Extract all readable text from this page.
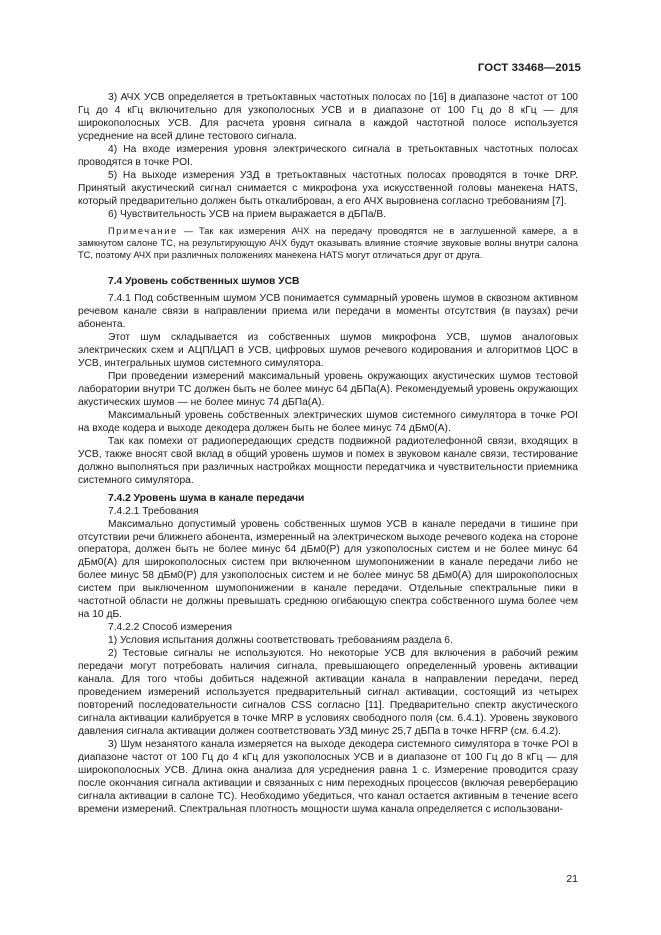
ГОСТ 33468—2015

3) АЧХ УСВ определяется в третьоктавных частотных полосах по [16] в диапазоне частот от 100 Гц до 4 кГц включительно для узкополосных УСВ и в диапазоне от 100 Гц до 8 кГц — для широкополосных УСВ. Для расчета уровня сигнала в каждой частотной полосе используется усреднение на всей длине тестового сигнала.

4) На входе измерения уровня электрического сигнала в третьоктавных частотных полосах проводятся в точке POI.

5) На выходе измерения УЗД в третьоктавных частотных полосах проводятся в точке DRP. Принятый акустический сигнал снимается с микрофона уха искусственной головы манекена HATS, который предварительно должен быть откалиброван, а его АЧХ выровнена согласно требованиям [7].

6) Чувствительность УСВ на прием выражается в дБПа/В.

Примечание — Так как измерения АЧХ на передачу проводятся не в заглушенной камере, а в замкнутом салоне ТС, на результирующую АЧХ будут оказывать влияние стоячие звуковые волны внутри салона ТС, поэтому АЧХ при различных положениях манекена HATS могут отличаться друг от друга.

7.4 Уровень собственных шумов УСВ

7.4.1 Под собственным шумом УСВ понимается суммарный уровень шумов в сквозном активном речевом канале связи в направлении приема или передачи в моменты отсутствия (в паузах) речи абонента.

Этот шум складывается из собственных шумов микрофона УСВ, шумов аналоговых электрических схем и АЦП/ЦАП в УСВ, цифровых шумов речевого кодирования и алгоритмов ЦОС в УСВ, интегральных шумов системного симулятора.

При проведении измерений максимальный уровень окружающих акустических шумов тестовой лаборатории внутри ТС должен быть не более минус 64 дБПа(А). Рекомендуемый уровень окружающих акустических шумов — не более минус 74 дБПа(А).

Максимальный уровень собственных электрических шумов системного симулятора в точке POI на входе кодера и выходе декодера должен быть не более минус 74 дБм0(А).

Так как помехи от радиопередающих средств подвижной радиотелефонной связи, входящих в УСВ, также вносят свой вклад в общий уровень шумов и помех в звуковом канале связи, тестирование должно выполняться при различных настройках мощности передатчика и чувствительности приемника системного симулятора.

7.4.2 Уровень шума в канале передачи

7.4.2.1 Требования

Максимально допустимый уровень собственных шумов УСВ в канале передачи в тишине при отсутствии речи ближнего абонента, измеренный на электрическом выходе речевого кодека на стороне оператора, должен быть не более минус 64 дБм0(Р) для узкополосных систем и не более минус 64 дБм0(А) для широкополосных систем при включенном шумопонижении в канале передачи либо не более минус 58 дБм0(Р) для узкополосных систем и не более минус 58 дБм0(А) для широкополосных систем при выключенном шумопонижении в канале передачи. Отдельные спектральные пики в частотной области не должны превышать среднюю огибающую спектра собственного шума более чем на 10 дБ.

7.4.2.2 Способ измерения

1) Условия испытания должны соответствовать требованиям раздела 6.

2) Тестовые сигналы не используются. Но некоторые УСВ для включения в рабочий режим передачи могут потребовать наличия сигнала, превышающего определенный уровень активации канала. Для того чтобы добиться надежной активации канала в направлении передачи, перед проведением измерений используется предварительный сигнал активации, состоящий из четырех повторений последовательности сигналов CSS согласно [11]. Предварительно спектр акустического сигнала активации калибруется в точке MRP в условиях свободного поля (см. 6.4.1). Уровень звукового давления сигнала активации должен соответствовать УЗД минус 25,7 дБПа в точке HFRP (см. 6.4.2).

3) Шум незанятого канала измеряется на выходе декодера системного симулятора в точке POI в диапазоне частот от 100 Гц до 4 кГц для узкополосных УСВ и в диапазоне от 100 Гц до 8 кГц — для широкополосных УСВ. Длина окна анализа для усреднения равна 1 с. Измерение проводится сразу после окончания сигнала активации и связанных с ним переходных процессов (включая реверберацию сигнала активации в салоне ТС). Необходимо убедиться, что канал остается активным в течение всего времени измерений. Спектральная плотность мощности шума канала определяется с использовани-

21
